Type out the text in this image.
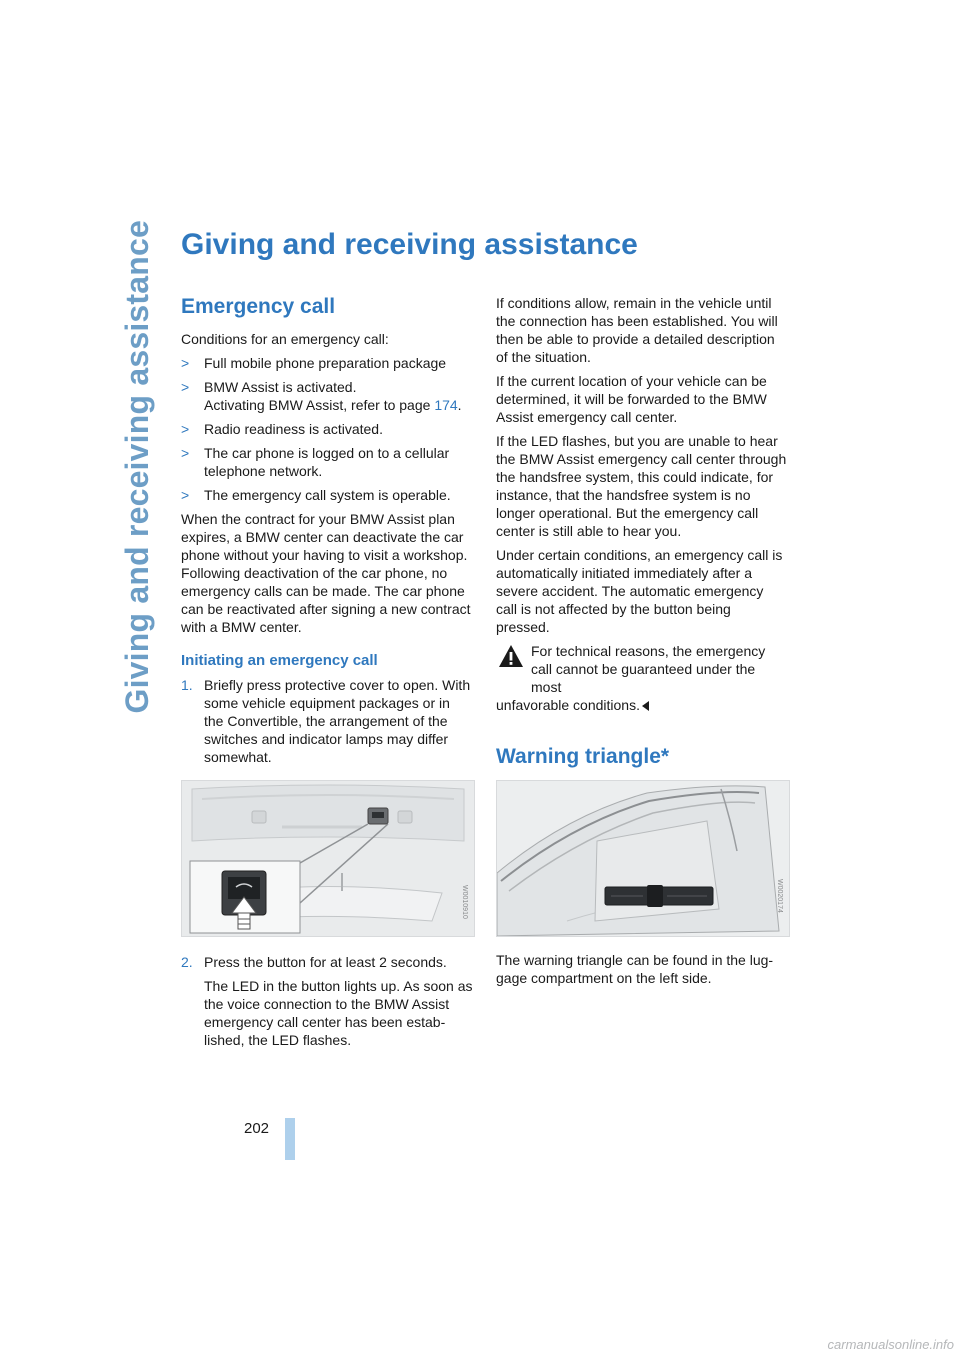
Giving and receiving assistance Giving and receiving assistance
Emergency call

Conditions for an emergency call:

> Full mobile phone preparation package
> BMW Assist is activated.
Activating BMW Assist, refer to page 174.
> Radio readiness is activated.
> The car phone is logged on to a cellular telephone network.
> The emergency call system is operable.

When the contract for your BMW Assist plan expires, a BMW center can deactivate the car phone without your having to visit a workshop. Following deactivation of the car phone, no emergency calls can be made. The car phone can be reactivated after signing a new contract with a BMW center.

Initiating an emergency call
1. Briefly press protective cover to open. With some vehicle equipment packages or in the Convertible, the arrangement of the switches and indicator lamps may differ somewhat.
W0010910
2. Press the button for at least 2 seconds.

The LED in the button lights up. As soon as the voice connection to the BMW Assist emergency call center has been estab- lished, the LED flashes.

If conditions allow, remain in the vehicle until the connection has been established. You will then be able to provide a detailed description of the situation.

If the current location of your vehicle can be determined, it will be forwarded to the BMW Assist emergency call center.

If the LED flashes, but you are unable to hear the BMW Assist emergency call center through the handsfree system, this could indicate, for instance, that the handsfree system is no longer operational. But the emergency call center is still able to hear you.

Under certain conditions, an emergency call is automatically initiated immediately after a severe accident. The automatic emergency call is not affected by the button being pressed.

For technical reasons, the emergency call cannot be guaranteed under the most
unfavorable conditions.

Warning triangle*
W0020174

The warning triangle can be found in the lug- gage compartment on the left side.

202
carmanualsonline.info
